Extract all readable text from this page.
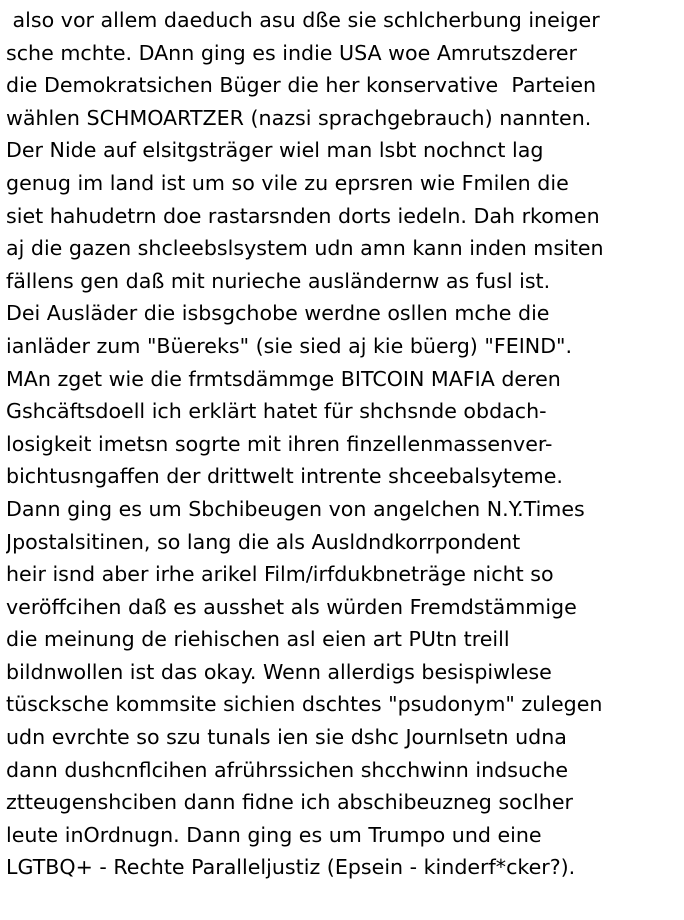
also vor allem daeduch asu dße sie schlcherbung ineiger
sche mchte. DAnn ging es indie USA woe Amrutszderer
die Demokratsichen Büger die her konservative  Parteien
wählen SCHMOARTZER (nazsi sprachgebrauch) nannten.
Der Nide auf elsitgsträger wiel man lsbt nochnct lag
genug im land ist um so vile zu eprsren wie Fmilen die
siet hahudetrn doe rastarsnden dorts iedeln. Dah rkomen
aj die gazen shcleebslsystem udn amn kann inden msiten
fällens gen daß mit nurieche ausländernw as fusl ist.
Dei Ausläder die isbsgchobe werdne osllen mche die
ianläder zum "Büereks" (sie sied aj kie büerg) "FEIND".
MAn zget wie die frmtsdämmge BITCOIN MAFIA deren
Gshcäftsdoell ich erklärt hatet für shchsnde obdach-
losigkeit imetsn sogrte mit ihren finzellenmassenver-
bichtusngaffen der drittwelt intrente shceebalsyteme.
Dann ging es um Sbchibeugen von angelchen N.Y.Times
Jpostalsitinen, so lang die als Ausldndkorrpondent
heir isnd aber irhe arikel Film/irfdukbneträge nicht so
veröffcihen daß es ausshet als würden Fremdstämmige
die meinung de riehischen asl eien art PUtn treill
bildnwollen ist das okay. Wenn allerdigs besispiwlese
tüscksche kommsite sichien dschtes "psudonym" zulegen
udn evrchte so szu tunals ien sie dshc Journlsetn udna
dann dushcnflcihen afrührssichen shcchwinn indsuche
ztteugenshciben dann fidne ich abschibeuzneg soclher
leute inOrdnugn. Dann ging es um Trumpo und eine
LGTBQ+ - Rechte Paralleljustiz (Epsein - kinderf*cker?).
